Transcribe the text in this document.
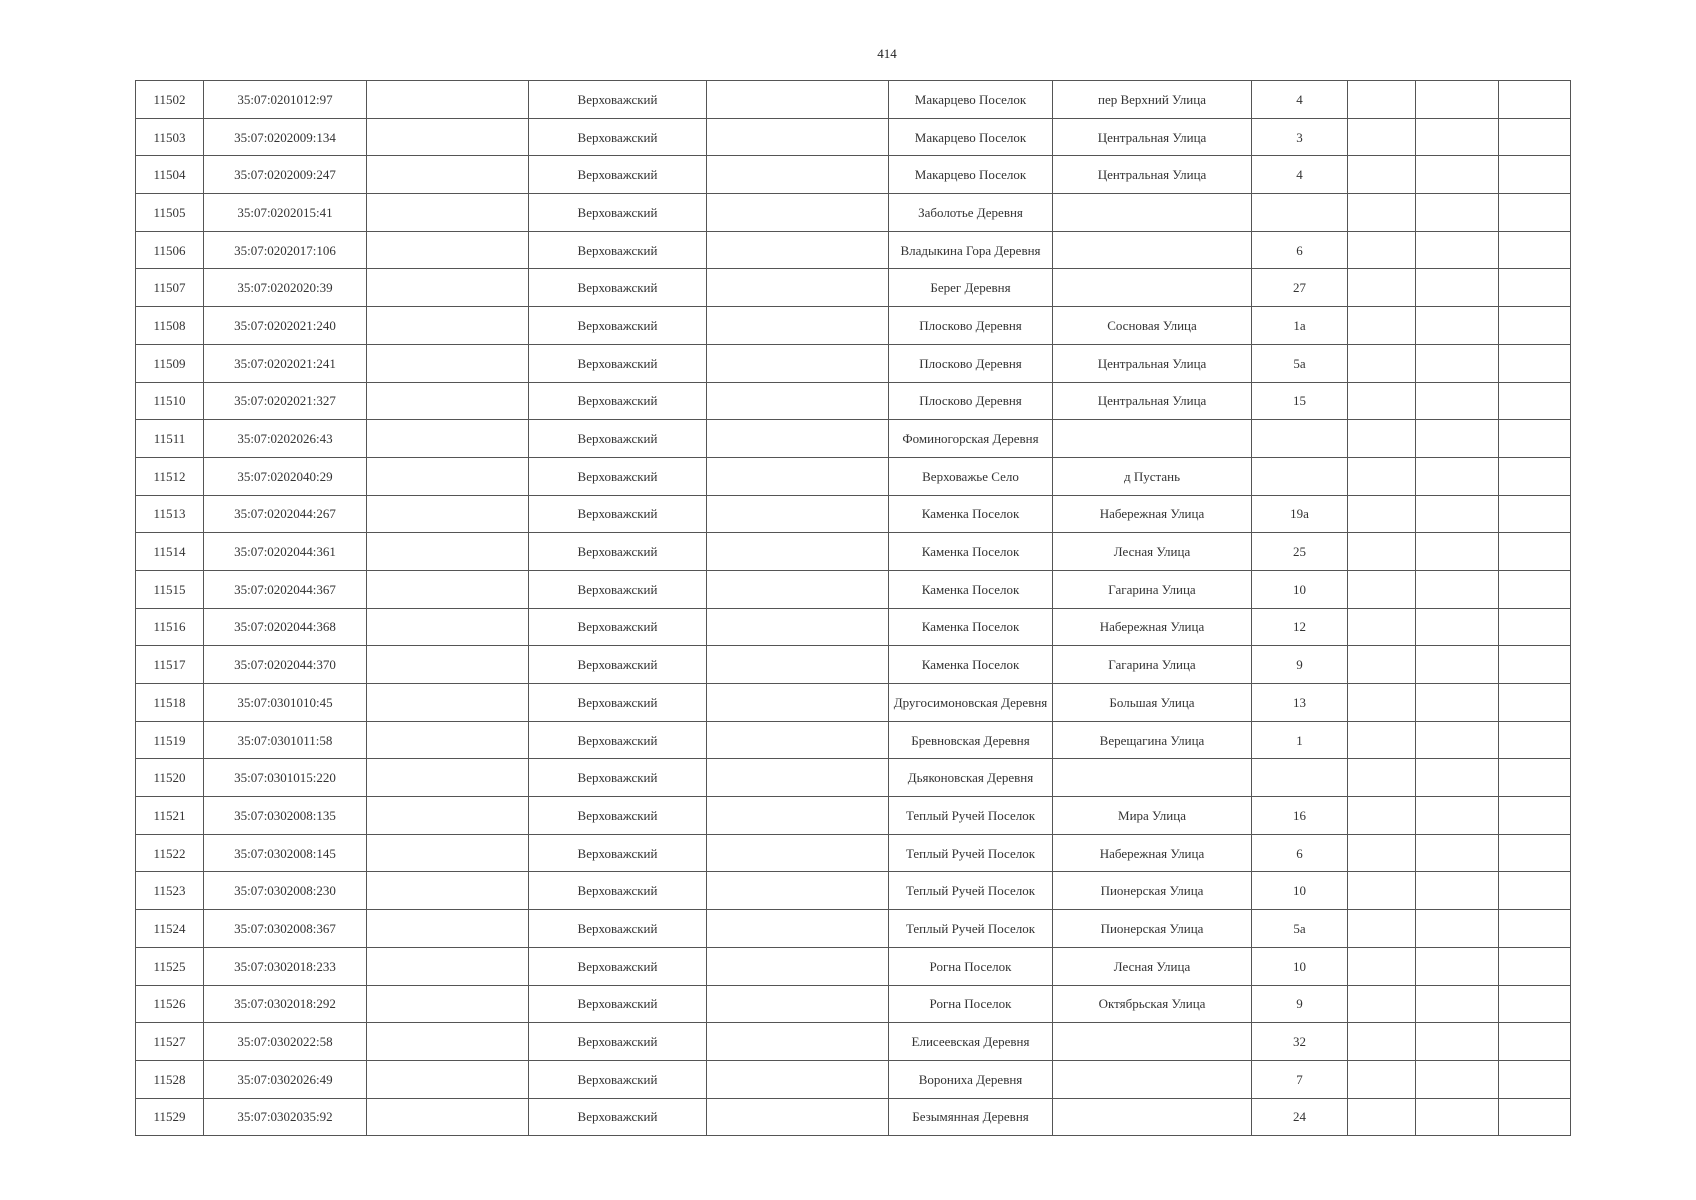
414
11502	35:07:0201012:97		Верховажский		Макарцево Поселок	пер Верхний Улица	4			
11503	35:07:0202009:134		Верховажский		Макарцево Поселок	Центральная Улица	3			
11504	35:07:0202009:247		Верховажский		Макарцево Поселок	Центральная Улица	4			
11505	35:07:0202015:41		Верховажский		Заболотье Деревня					
11506	35:07:0202017:106		Верховажский		Владыкина Гора Деревня		6			
11507	35:07:0202020:39		Верховажский		Берег Деревня		27			
11508	35:07:0202021:240		Верховажский		Плосково Деревня	Сосновая Улица	1а			
11509	35:07:0202021:241		Верховажский		Плосково Деревня	Центральная Улица	5а			
11510	35:07:0202021:327		Верховажский		Плосково Деревня	Центральная Улица	15			
11511	35:07:0202026:43		Верховажский		Фоминогорская Деревня					
11512	35:07:0202040:29		Верховажский		Верховажье Село	д Пустань				
11513	35:07:0202044:267		Верховажский		Каменка Поселок	Набережная Улица	19а			
11514	35:07:0202044:361		Верховажский		Каменка Поселок	Лесная Улица	25			
11515	35:07:0202044:367		Верховажский		Каменка Поселок	Гагарина Улица	10			
11516	35:07:0202044:368		Верховажский		Каменка Поселок	Набережная Улица	12			
11517	35:07:0202044:370		Верховажский		Каменка Поселок	Гагарина Улица	9			
11518	35:07:0301010:45		Верховажский		Другосимоновская Деревня	Большая Улица	13			
11519	35:07:0301011:58		Верховажский		Бревновская Деревня	Верещагина Улица	1			
11520	35:07:0301015:220		Верховажский		Дьяконовская Деревня					
11521	35:07:0302008:135		Верховажский		Теплый Ручей Поселок	Мира Улица	16			
11522	35:07:0302008:145		Верховажский		Теплый Ручей Поселок	Набережная Улица	6			
11523	35:07:0302008:230		Верховажский		Теплый Ручей Поселок	Пионерская Улица	10			
11524	35:07:0302008:367		Верховажский		Теплый Ручей Поселок	Пионерская Улица	5а			
11525	35:07:0302018:233		Верховажский		Рогна Поселок	Лесная Улица	10			
11526	35:07:0302018:292		Верховажский		Рогна Поселок	Октябрьская Улица	9			
11527	35:07:0302022:58		Верховажский		Елисеевская Деревня		32			
11528	35:07:0302026:49		Верховажский		Ворониха Деревня		7			
11529	35:07:0302035:92		Верховажский		Безымянная Деревня		24			
